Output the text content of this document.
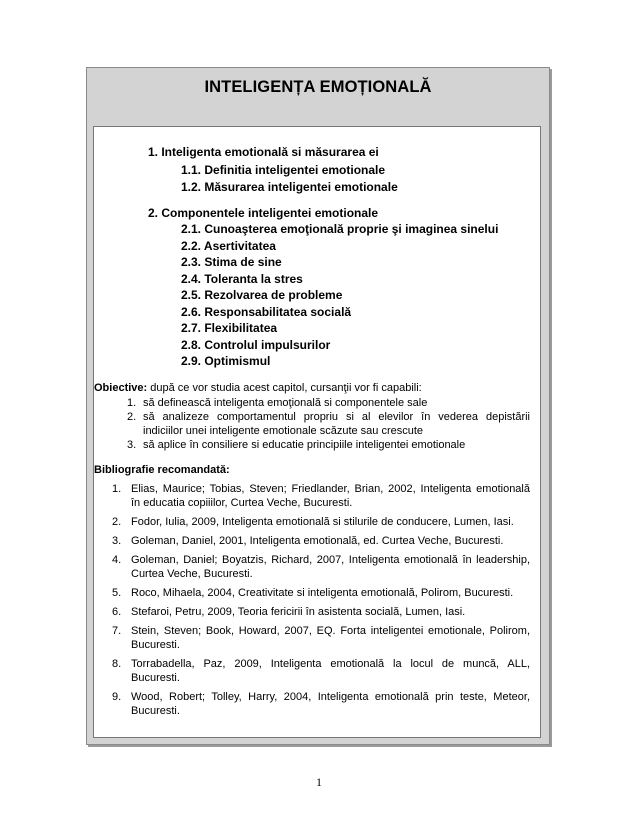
INTELIGENȚA EMOȚIONALĂ
1. Inteligenta emotională si măsurarea ei
1.1. Definitia inteligentei emotionale
1.2. Măsurarea inteligentei emotionale
2. Componentele inteligentei emotionale
2.1. Cunoaşterea emoţională proprie şi imaginea sinelui
2.2. Asertivitatea
2.3. Stima de sine
2.4. Toleranta la stres
2.5. Rezolvarea de probleme
2.6. Responsabilitatea socială
2.7. Flexibilitatea
2.8. Controlul impulsurilor
2.9. Optimismul
Obiective: după ce vor studia acest capitol, cursanţii vor fi capabili:
1. să definească inteligenta emoţională si componentele sale
2. să analizeze comportamentul propriu si al elevilor în vederea depistării
indiciilor unei inteligente emotionale scăzute sau crescute
3. să aplice în consiliere si educatie principiile inteligentei emotionale
Bibliografie recomandată:
1. Elias, Maurice; Tobias, Steven; Friedlander, Brian, 2002, Inteligenta emotională
în educatia copiiilor, Curtea Veche, Bucuresti.
2. Fodor, Iulia, 2009, Inteligenta emotională si stilurile de conducere, Lumen, Iasi.
3. Goleman, Daniel, 2001, Inteligenta emotională, ed. Curtea Veche, Bucuresti.
4. Goleman, Daniel; Boyatzis, Richard, 2007, Inteligenta emotională în leadership,
Curtea Veche, Bucuresti.
5. Roco, Mihaela, 2004, Creativitate si inteligenta emotională, Polirom, Bucuresti.
6. Stefaroi, Petru, 2009, Teoria fericirii în asistenta socială, Lumen, Iasi.
7. Stein, Steven; Book, Howard, 2007, EQ. Forta inteligentei emotionale, Polirom,
Bucuresti.
8. Torrabadella, Paz, 2009, Inteligenta emotională la locul de muncă, ALL,
Bucuresti.
9. Wood, Robert; Tolley, Harry, 2004, Inteligenta emotională prin teste, Meteor,
Bucuresti.
1
